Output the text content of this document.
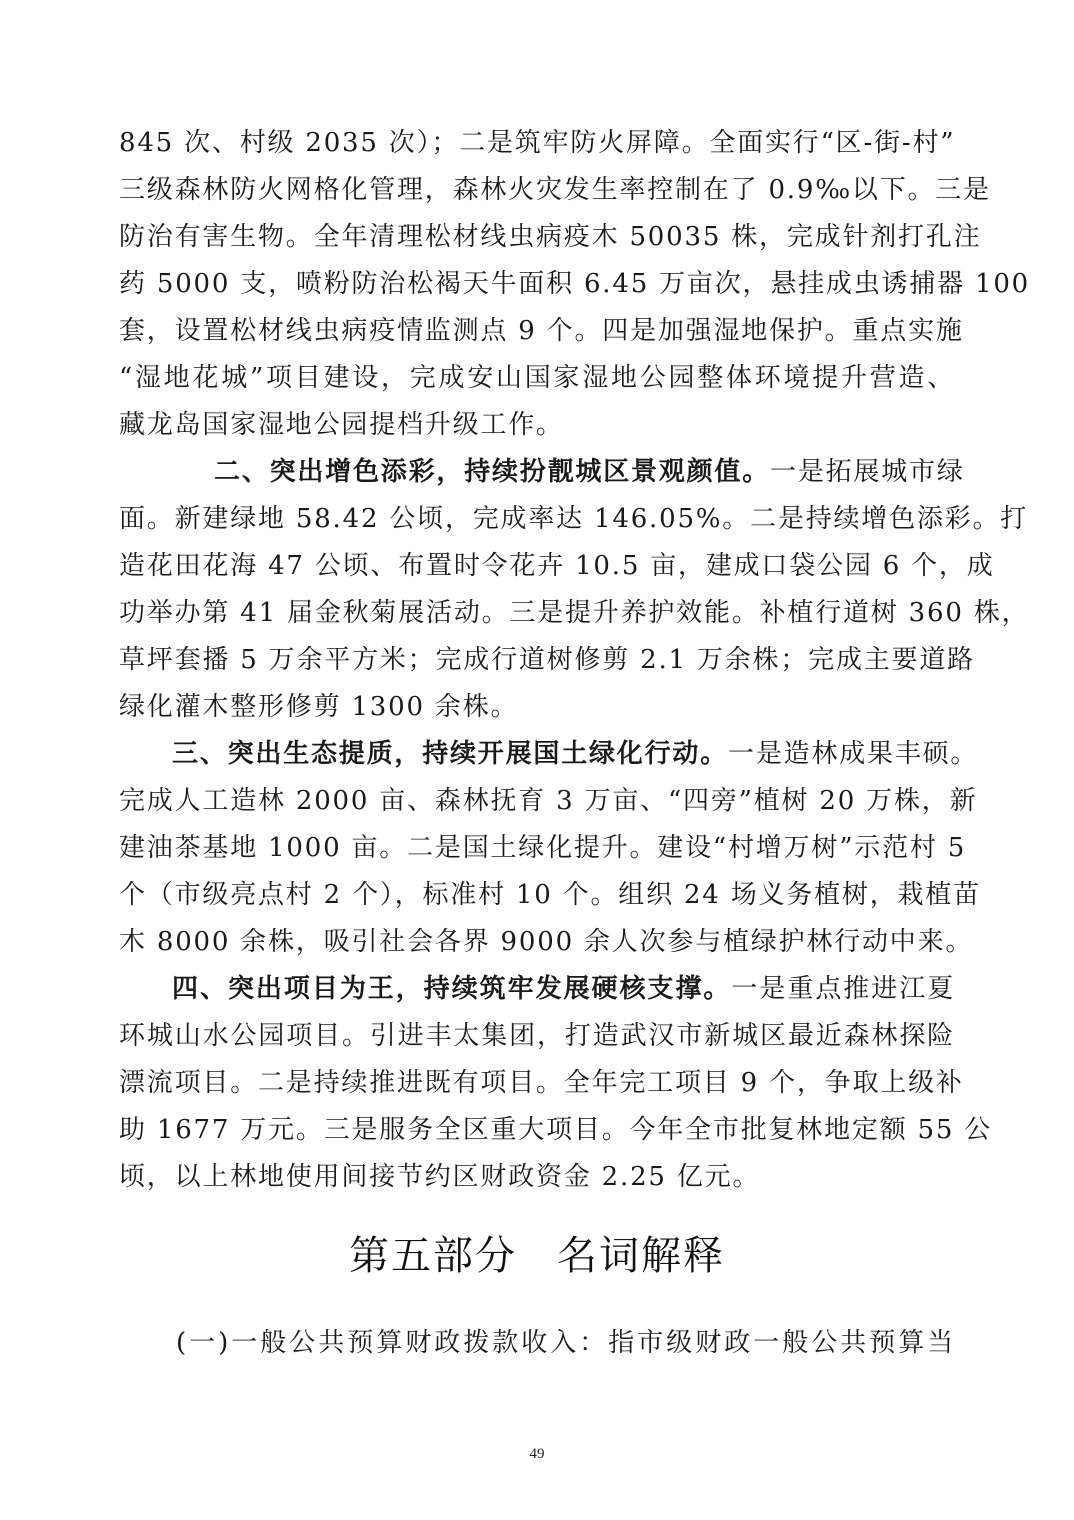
845 次、村级 2035 次）；二是筑牢防火屏障。全面实行“区-街-村”
三级森林防火网格化管理，森林火灾发生率控制在了 0.9‰以下。三是
防治有害生物。全年清理松材线虫病疫木 50035 株，完成针剂打孔注
药 5000 支，喷粉防治松褐天牛面积 6.45 万亩次，悬挂成虫诱捕器 100
套，设置松材线虫病疫情监测点 9 个。四是加强湿地保护。重点实施
“湿地花城”项目建设，完成安山国家湿地公园整体环境提升营造、
藏龙岛国家湿地公园提档升级工作。
二、突出增色添彩，持续扮靓城区景观颜值。一是拓展城市绿
面。新建绿地 58.42 公顷，完成率达 146.05%。二是持续增色添彩。打
造花田花海 47 公顷、布置时令花卉 10.5 亩，建成口袋公园 6 个，成
功举办第 41 届金秋菊展活动。三是提升养护效能。补植行道树 360 株，
草坪套播 5 万余平方米；完成行道树修剪 2.1 万余株；完成主要道路
绿化灌木整形修剪 1300 余株。
三、突出生态提质，持续开展国土绿化行动。一是造林成果丰硕。
完成人工造林 2000 亩、森林抚育 3 万亩、“四旁”植树 20 万株，新
建油茶基地 1000 亩。二是国土绿化提升。建设“村增万树”示范村 5
个（市级亮点村 2 个），标准村 10 个。组织 24 场义务植树，栽植苗
木 8000 余株，吸引社会各界 9000 余人次参与植绿护林行动中来。
四、突出项目为王，持续筑牢发展硬核支撑。一是重点推进江夏
环城山水公园项目。引进丰太集团，打造武汉市新城区最近森林探险
漂流项目。二是持续推进既有项目。全年完工项目 9 个，争取上级补
助 1677 万元。三是服务全区重大项目。今年全市批复林地定额 55 公
顷，以上林地使用间接节约区财政资金 2.25 亿元。
第五部分 名词解释
(一)一般公共预算财政拨款收入：指市级财政一般公共预算当
49
